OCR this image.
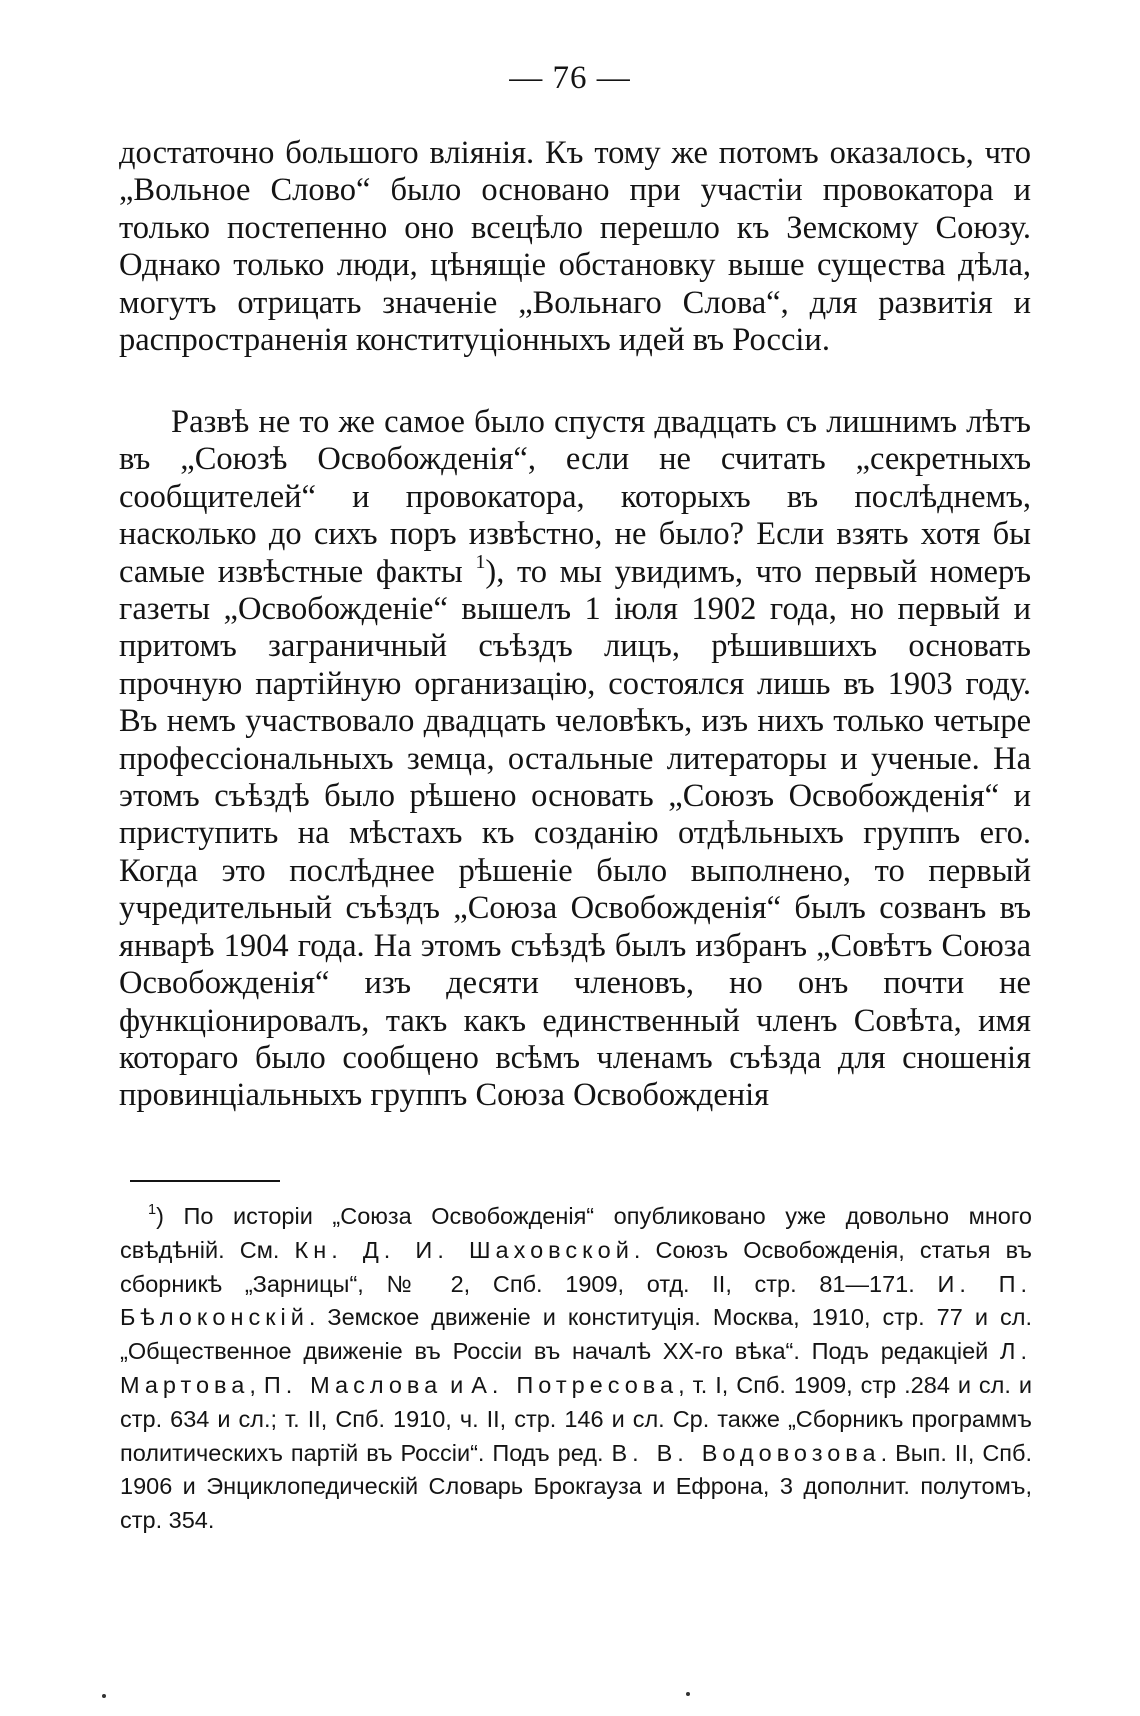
— 76 —
достаточно большого вліянія. Къ тому же потомъ оказалось, что „Вольное Слово“ было основано при участіи провокатора и только постепенно оно всецѣло перешло къ Земскому Союзу. Однако только люди, цѣнящіе обстановку выше существа дѣла, могутъ отрицать значеніе „Вольнаго Слова“, для развитія и распространенія конституціонныхъ идей въ Россіи.
Развѣ не то же самое было спустя двадцать съ лишнимъ лѣтъ въ „Союзѣ Освобожденія“, если не считать „секретныхъ сообщителей“ и провокатора, которыхъ въ послѣднемъ, насколько до сихъ поръ извѣстно, не было? Если взять хотя бы самые извѣстные факты $^1$), то мы увидимъ, что первый номеръ газеты „Освобожденіе“ вышелъ 1 іюля 1902 года, но первый и притомъ заграничный съѣздъ лицъ, рѣшившихъ основать прочную партійную организацію, состоялся лишь въ 1903 году. Въ немъ участвовало двадцать человѣкъ, изъ нихъ только четыре профессіональныхъ земца, остальные литераторы и ученые. На этомъ съѣздѣ было рѣшено основать „Союзъ Освобожденія“ и приступить на мѣстахъ къ созданію отдѣльныхъ группъ его. Когда это послѣднее рѣшеніе было выполнено, то первый учредительный съѣздъ „Союза Освобожденія“ былъ созванъ въ январѣ 1904 года. На этомъ съѣздѣ былъ избранъ „Совѣтъ Союза Освобожденія“ изъ десяти членовъ, но онъ почти не функціонировалъ, такъ какъ единственный членъ Совѣта, имя котораго было сообщено всѣмъ членамъ съѣзда для сношенія провинціальныхъ группъ Союза Освобожденія
$^1$) По исторіи „Союза Освобожденія“ опубликовано уже довольно много свѣдѣній. См. Кн. Д. И. Шаховской. Союзъ Освобожденія, статья въ сборникѣ „Зарницы“, № 2, Спб. 1909, отд. II, стр. 81—171. И. П. Бѣлоконскій. Земское движеніе и конституція. Москва, 1910, стр. 77 и сл. „Общественное движеніе въ Россіи въ началѣ XX-го вѣка“. Подъ редакціей Л. Мартова, П. Маслова и А. Потресова, т. I, Спб. 1909, стр .284 и сл. и стр. 634 и сл.; т. II, Спб. 1910, ч. II, стр. 146 и сл. Ср. также „Сборникъ программъ политическихъ партій въ Россіи“. Подъ ред. В. В. Водовозова. Вып. II, Спб. 1906 и Энциклопедическій Словарь Брокгауза и Ефрона, 3 дополнит. полутомъ, стр. 354.
